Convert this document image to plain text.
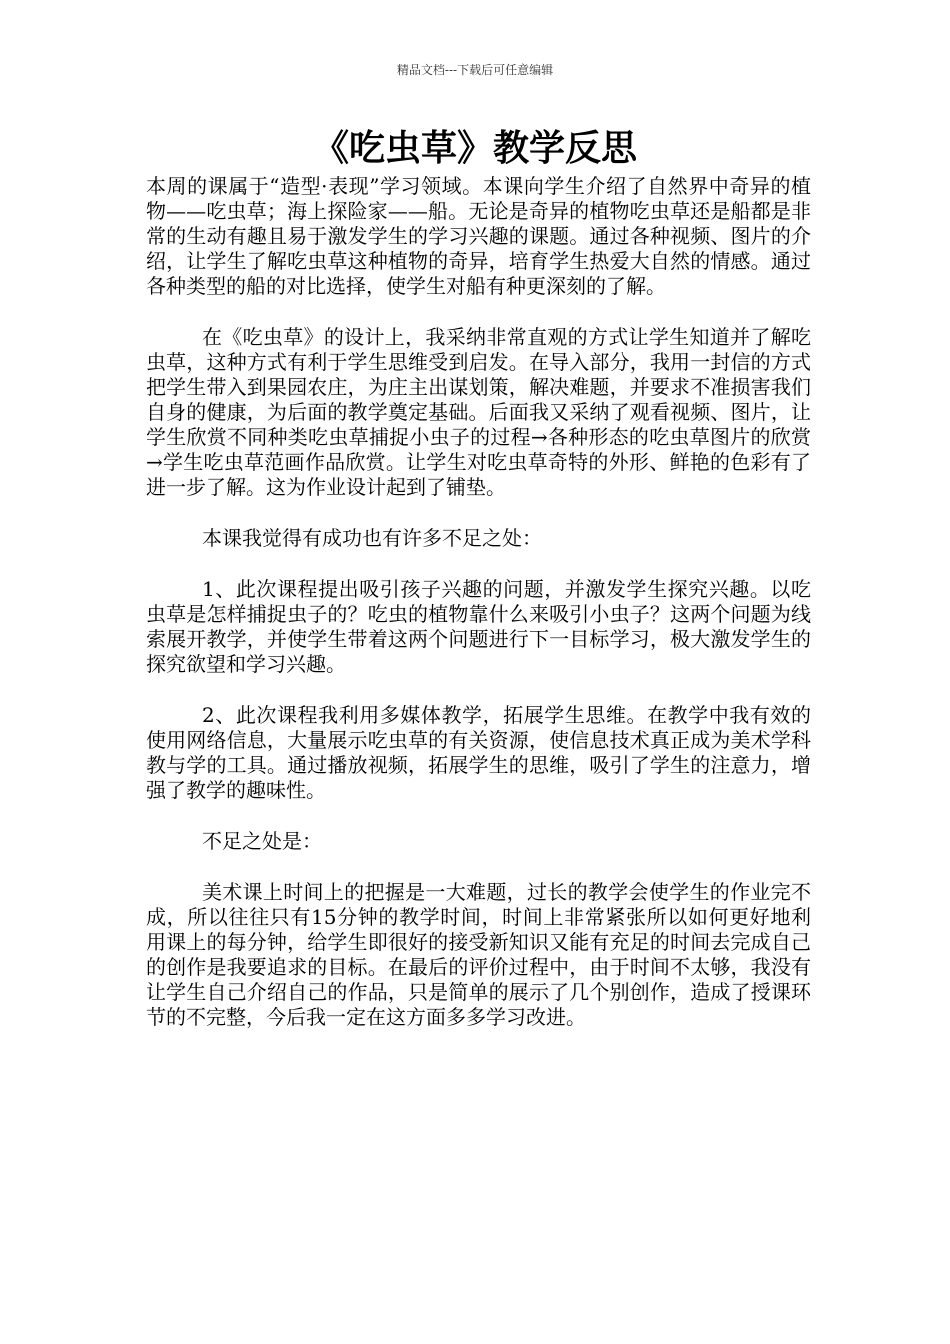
精品文档---下载后可任意编辑
《吃虫草》教学反思

本周的课属于“造型·表现”学习领域。本课向学生介绍了自然界中奇异的植物——吃虫草；海上探险家——船。无论是奇异的植物吃虫草还是船都是非常的生动有趣且易于激发学生的学习兴趣的课题。通过各种视频、图片的介绍，让学生了解吃虫草这种植物的奇异，培育学生热爱大自然的情感。通过各种类型的船的对比选择，使学生对船有种更深刻的了解。

在《吃虫草》的设计上，我采纳非常直观的方式让学生知道并了解吃虫草，这种方式有利于学生思维受到启发。在导入部分，我用一封信的方式把学生带入到果园农庄，为庄主出谋划策，解决难题，并要求不准损害我们自身的健康，为后面的教学奠定基础。后面我又采纳了观看视频、图片，让学生欣赏不同种类吃虫草捕捉小虫子的过程→各种形态的吃虫草图片的欣赏→学生吃虫草范画作品欣赏。让学生对吃虫草奇特的外形、鲜艳的色彩有了进一步了解。这为作业设计起到了铺垫。

本课我觉得有成功也有许多不足之处：

1、此次课程提出吸引孩子兴趣的问题，并激发学生探究兴趣。以吃虫草是怎样捕捉虫子的？吃虫的植物靠什么来吸引小虫子？这两个问题为线索展开教学，并使学生带着这两个问题进行下一目标学习，极大激发学生的探究欲望和学习兴趣。

2、此次课程我利用多媒体教学，拓展学生思维。在教学中我有效的使用网络信息，大量展示吃虫草的有关资源，使信息技术真正成为美术学科教与学的工具。通过播放视频，拓展学生的思维，吸引了学生的注意力，增强了教学的趣味性。

不足之处是：

美术课上时间上的把握是一大难题，过长的教学会使学生的作业完不成，所以往往只有15分钟的教学时间，时间上非常紧张所以如何更好地利用课上的每分钟，给学生即很好的接受新知识又能有充足的时间去完成自己的创作是我要追求的目标。在最后的评价过程中，由于时间不太够，我没有让学生自己介绍自己的作品，只是简单的展示了几个别创作，造成了授课环节的不完整，今后我一定在这方面多多学习改进。
